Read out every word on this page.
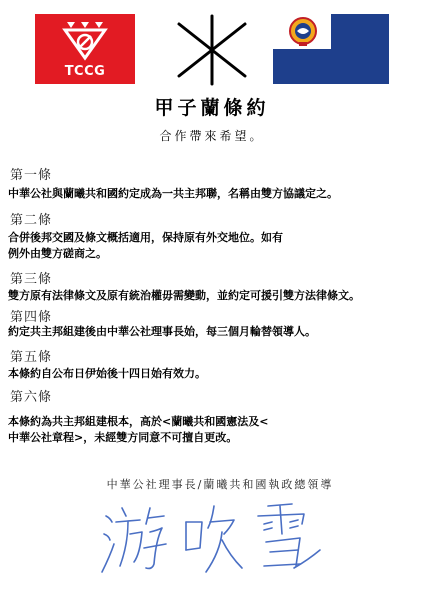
TCCG
甲子蘭條約
合作帶來希望。
第一條
中華公社與蘭曦共和國約定成為一共主邦聯，名稱由雙方協議定之。
第二條
合併後邦交國及條文概括適用，保持原有外交地位。如有
例外由雙方磋商之。
第三條
雙方原有法律條文及原有統治權毋需變動，並約定可援引雙方法律條文。
第四條
約定共主邦組建後由中華公社理事長始，每三個月輪替領導人。
第五條
本條約自公布日伊始後十四日始有效力。
第六條
本條約為共主邦組建根本，高於<蘭曦共和國憲法及<
中華公社章程>，未經雙方同意不可擅自更改。
中華公社理事長/蘭曦共和國執政總領導
